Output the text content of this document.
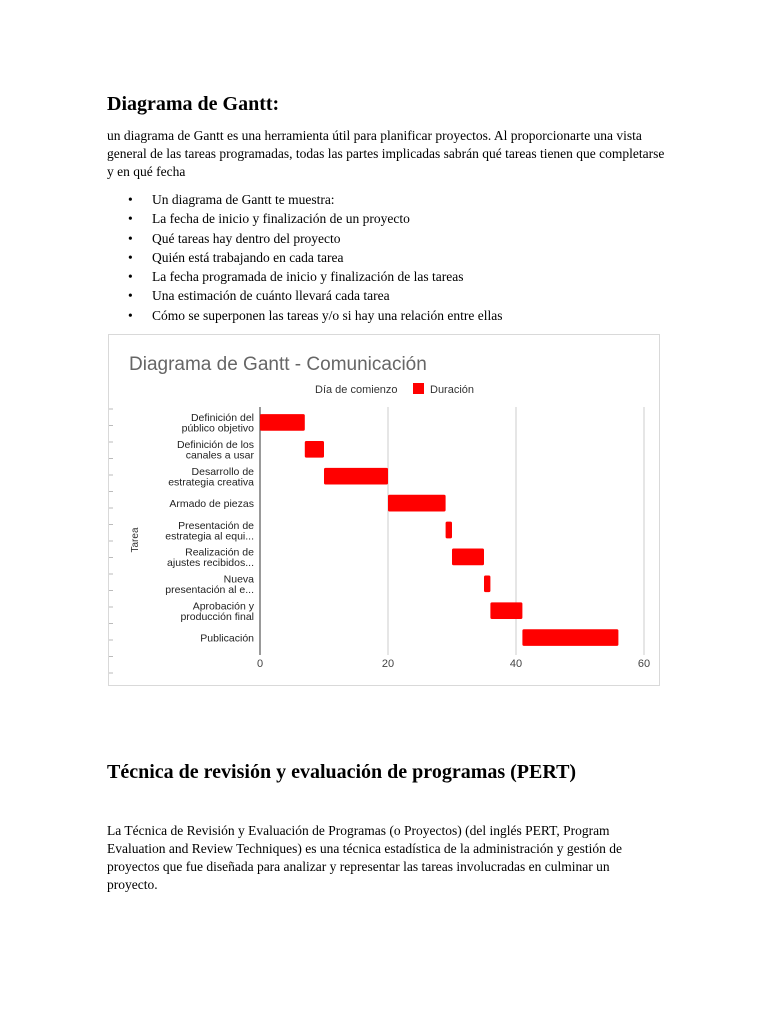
Diagrama de Gantt:

un diagrama de Gantt es una herramienta útil para planificar proyectos. Al proporcionarte una vista general de las tareas programadas, todas las partes implicadas sabrán qué tareas tienen que completarse y en qué fecha

• Un diagrama de Gantt te muestra:
• La fecha de inicio y finalización de un proyecto
• Qué tareas hay dentro del proyecto
• Quién está trabajando en cada tarea
• La fecha programada de inicio y finalización de las tareas
• Una estimación de cuánto llevará cada tarea
• Cómo se superponen las tareas y/o si hay una relación entre ellas
Diagrama de Gantt - Comunicación
Día de comienzo	Duración
Tarea
0	20	40	60
Definición del
público objetivo
Definición de los
canales a usar
Desarrollo de
estrategia creativa
Armado de piezas
Presentación de
estrategia al equi...
Realización de
ajustes recibidos...
Nueva
presentación al e...
Aprobación y
producción final
Publicación
Técnica de revisión y evaluación de programas (PERT)

La Técnica de Revisión y Evaluación de Programas (o Proyectos) (del inglés PERT, Program Evaluation and Review Techniques) es una técnica estadística de la administración y gestión de proyectos que fue diseñada para analizar y representar las tareas involucradas en culminar un proyecto.
